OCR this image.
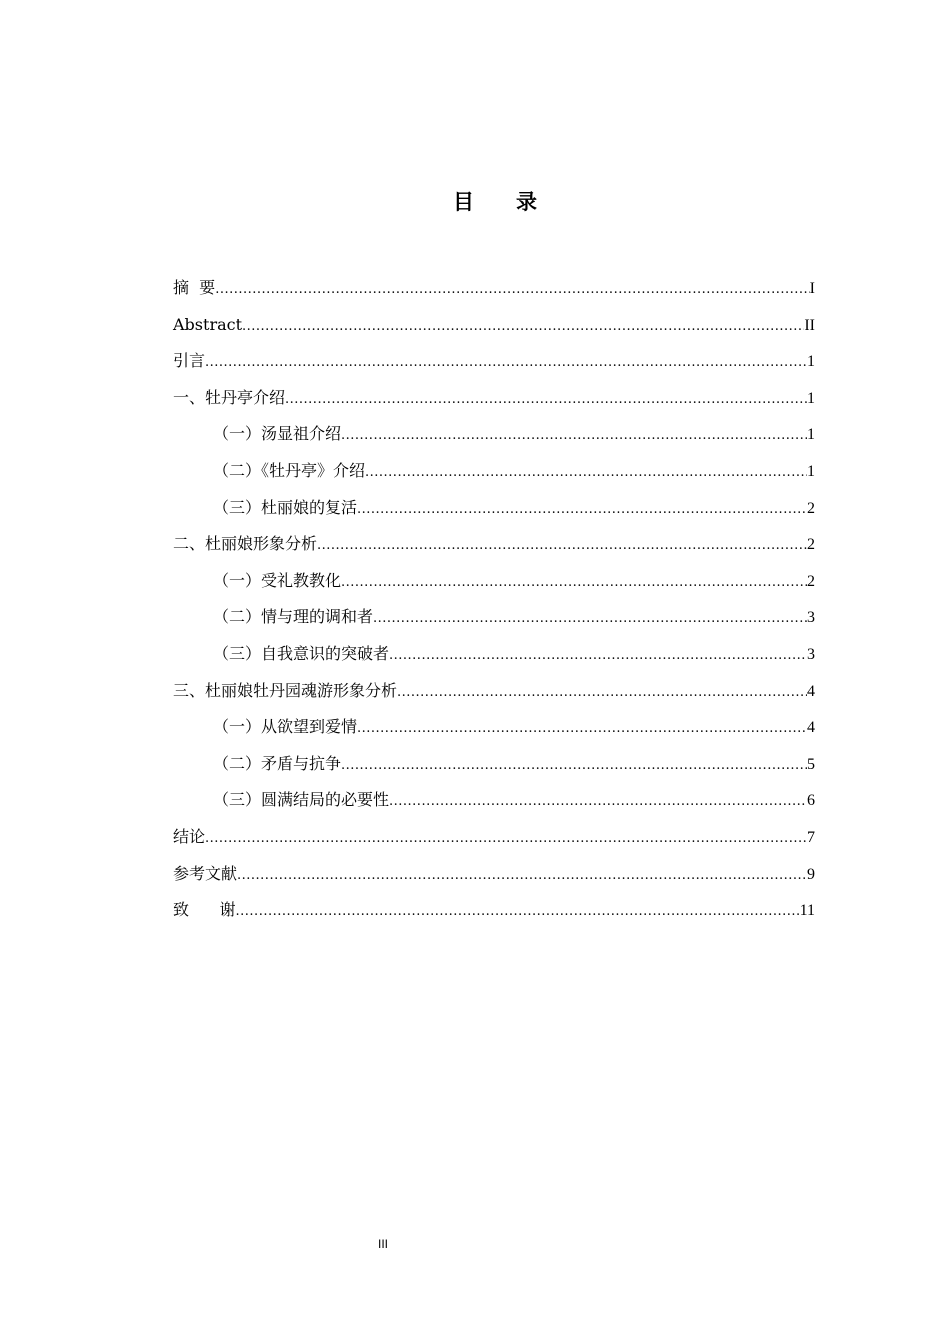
目　　录
摘  要 .....	I
Abstract .....	II
引言 .....	1
一、牡丹亭介绍 .....	1
（一）汤显祖介绍 .....	1
（二）《牡丹亭》介绍 .....	1
（三）杜丽娘的复活 .....	2
二、杜丽娘形象分析 .....	2
（一）受礼教教化 .....	2
（二）情与理的调和者 .....	3
（三）自我意识的突破者 .....	3
三、杜丽娘牡丹园魂游形象分析 .....	4
（一）从欲望到爱情 .....	4
（二）矛盾与抗争 .....	5
（三）圆满结局的必要性 .....	6
结论 .....	7
参考文献 .....	9
致      谢 .....	11
III
